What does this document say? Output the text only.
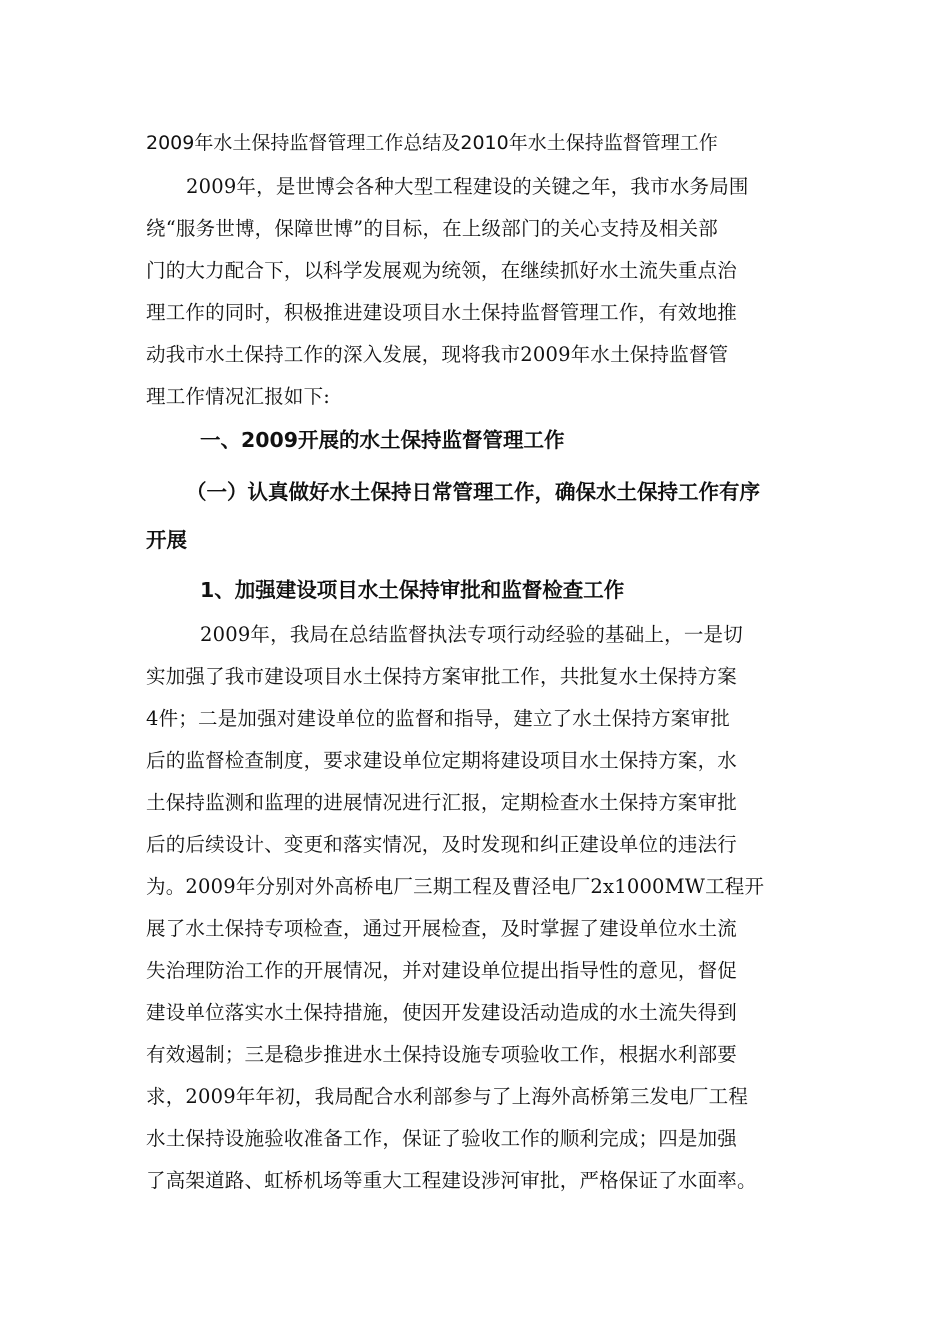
2009年水土保持监督管理工作总结及2010年水土保持监督管理工作
2009年，是世博会各种大型工程建设的关键之年，我市水务局围
绕“服务世博，保障世博”的目标，在上级部门的关心支持及相关部
门的大力配合下，以科学发展观为统领，在继续抓好水土流失重点治
理工作的同时，积极推进建设项目水土保持监督管理工作，有效地推
动我市水土保持工作的深入发展，现将我市2009年水土保持监督管
理工作情况汇报如下:
一、2009开展的水土保持监督管理工作
（一）认真做好水土保持日常管理工作，确保水土保持工作有序
开展
1、加强建设项目水土保持审批和监督检查工作
2009年，我局在总结监督执法专项行动经验的基础上，一是切
实加强了我市建设项目水土保持方案审批工作，共批复水土保持方案
4件；二是加强对建设单位的监督和指导，建立了水土保持方案审批
后的监督检查制度，要求建设单位定期将建设项目水土保持方案，水
土保持监测和监理的进展情况进行汇报，定期检查水土保持方案审批
后的后续设计、变更和落实情况，及时发现和纠正建设单位的违法行
为。2009年分别对外高桥电厂三期工程及曹泾电厂2x1000MW工程开
展了水土保持专项检查，通过开展检查，及时掌握了建设单位水土流
失治理防治工作的开展情况，并对建设单位提出指导性的意见，督促
建设单位落实水土保持措施，使因开发建设活动造成的水土流失得到
有效遏制；三是稳步推进水土保持设施专项验收工作，根据水利部要
求，2009年年初，我局配合水利部参与了上海外高桥第三发电厂工程
水土保持设施验收准备工作，保证了验收工作的顺利完成；四是加强
了高架道路、虹桥机场等重大工程建设涉河审批，严格保证了水面率。
